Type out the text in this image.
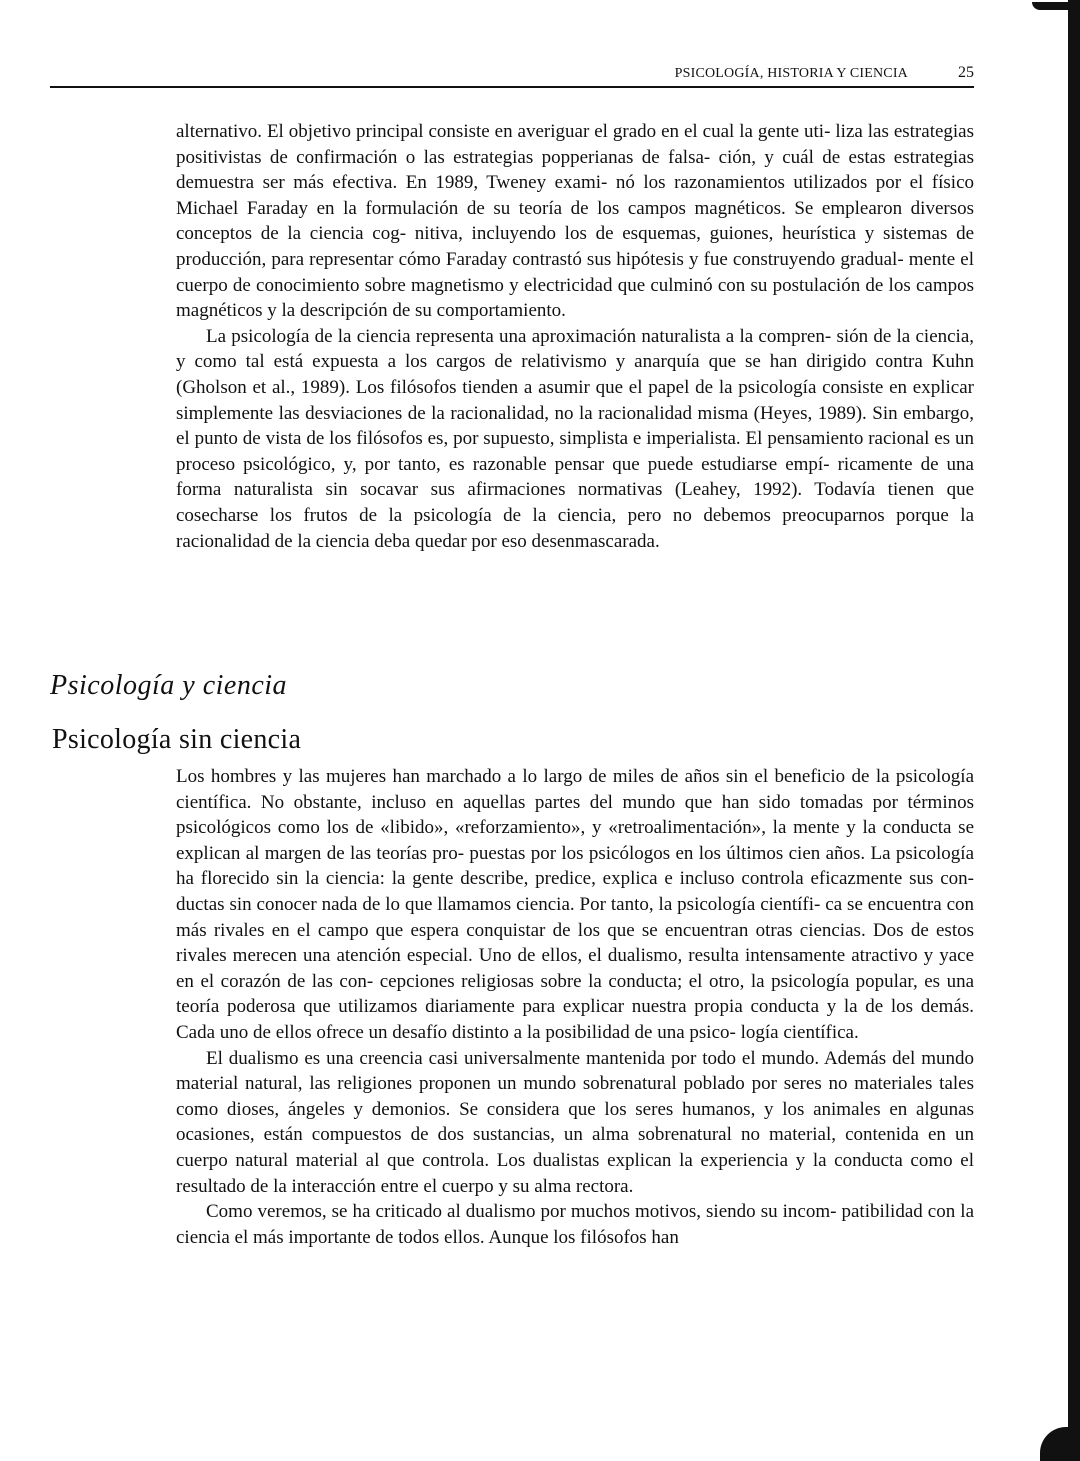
PSICOLOGÍA, HISTORIA Y CIENCIA	25

alternativo. El objetivo principal consiste en averiguar el grado en el cual la gente uti- liza las estrategias positivistas de confirmación o las estrategias popperianas de falsa- ción, y cuál de estas estrategias demuestra ser más efectiva. En 1989, Tweney exami- nó los razonamientos utilizados por el físico Michael Faraday en la formulación de su teoría de los campos magnéticos. Se emplearon diversos conceptos de la ciencia cog- nitiva, incluyendo los de esquemas, guiones, heurística y sistemas de producción, para representar cómo Faraday contrastó sus hipótesis y fue construyendo gradual- mente el cuerpo de conocimiento sobre magnetismo y electricidad que culminó con su postulación de los campos magnéticos y la descripción de su comportamiento.

La psicología de la ciencia representa una aproximación naturalista a la compren- sión de la ciencia, y como tal está expuesta a los cargos de relativismo y anarquía que se han dirigido contra Kuhn (Gholson et al., 1989). Los filósofos tienden a asumir que el papel de la psicología consiste en explicar simplemente las desviaciones de la racionalidad, no la racionalidad misma (Heyes, 1989). Sin embargo, el punto de vista de los filósofos es, por supuesto, simplista e imperialista. El pensamiento racional es un proceso psicológico, y, por tanto, es razonable pensar que puede estudiarse empí- ricamente de una forma naturalista sin socavar sus afirmaciones normativas (Leahey, 1992). Todavía tienen que cosecharse los frutos de la psicología de la ciencia, pero no debemos preocuparnos porque la racionalidad de la ciencia deba quedar por eso desenmascarada.

Psicología y ciencia
Psicología sin ciencia

Los hombres y las mujeres han marchado a lo largo de miles de años sin el beneficio de la psicología científica. No obstante, incluso en aquellas partes del mundo que han sido tomadas por términos psicológicos como los de «libido», «reforzamiento», y «retroalimentación», la mente y la conducta se explican al margen de las teorías pro- puestas por los psicólogos en los últimos cien años. La psicología ha florecido sin la ciencia: la gente describe, predice, explica e incluso controla eficazmente sus con- ductas sin conocer nada de lo que llamamos ciencia. Por tanto, la psicología científi- ca se encuentra con más rivales en el campo que espera conquistar de los que se encuentran otras ciencias. Dos de estos rivales merecen una atención especial. Uno de ellos, el dualismo, resulta intensamente atractivo y yace en el corazón de las con- cepciones religiosas sobre la conducta; el otro, la psicología popular, es una teoría poderosa que utilizamos diariamente para explicar nuestra propia conducta y la de los demás. Cada uno de ellos ofrece un desafío distinto a la posibilidad de una psico- logía científica.

El dualismo es una creencia casi universalmente mantenida por todo el mundo. Además del mundo material natural, las religiones proponen un mundo sobrenatural poblado por seres no materiales tales como dioses, ángeles y demonios. Se considera que los seres humanos, y los animales en algunas ocasiones, están compuestos de dos sustancias, un alma sobrenatural no material, contenida en un cuerpo natural material al que controla. Los dualistas explican la experiencia y la conducta como el resultado de la interacción entre el cuerpo y su alma rectora.

Como veremos, se ha criticado al dualismo por muchos motivos, siendo su incom- patibilidad con la ciencia el más importante de todos ellos. Aunque los filósofos han
